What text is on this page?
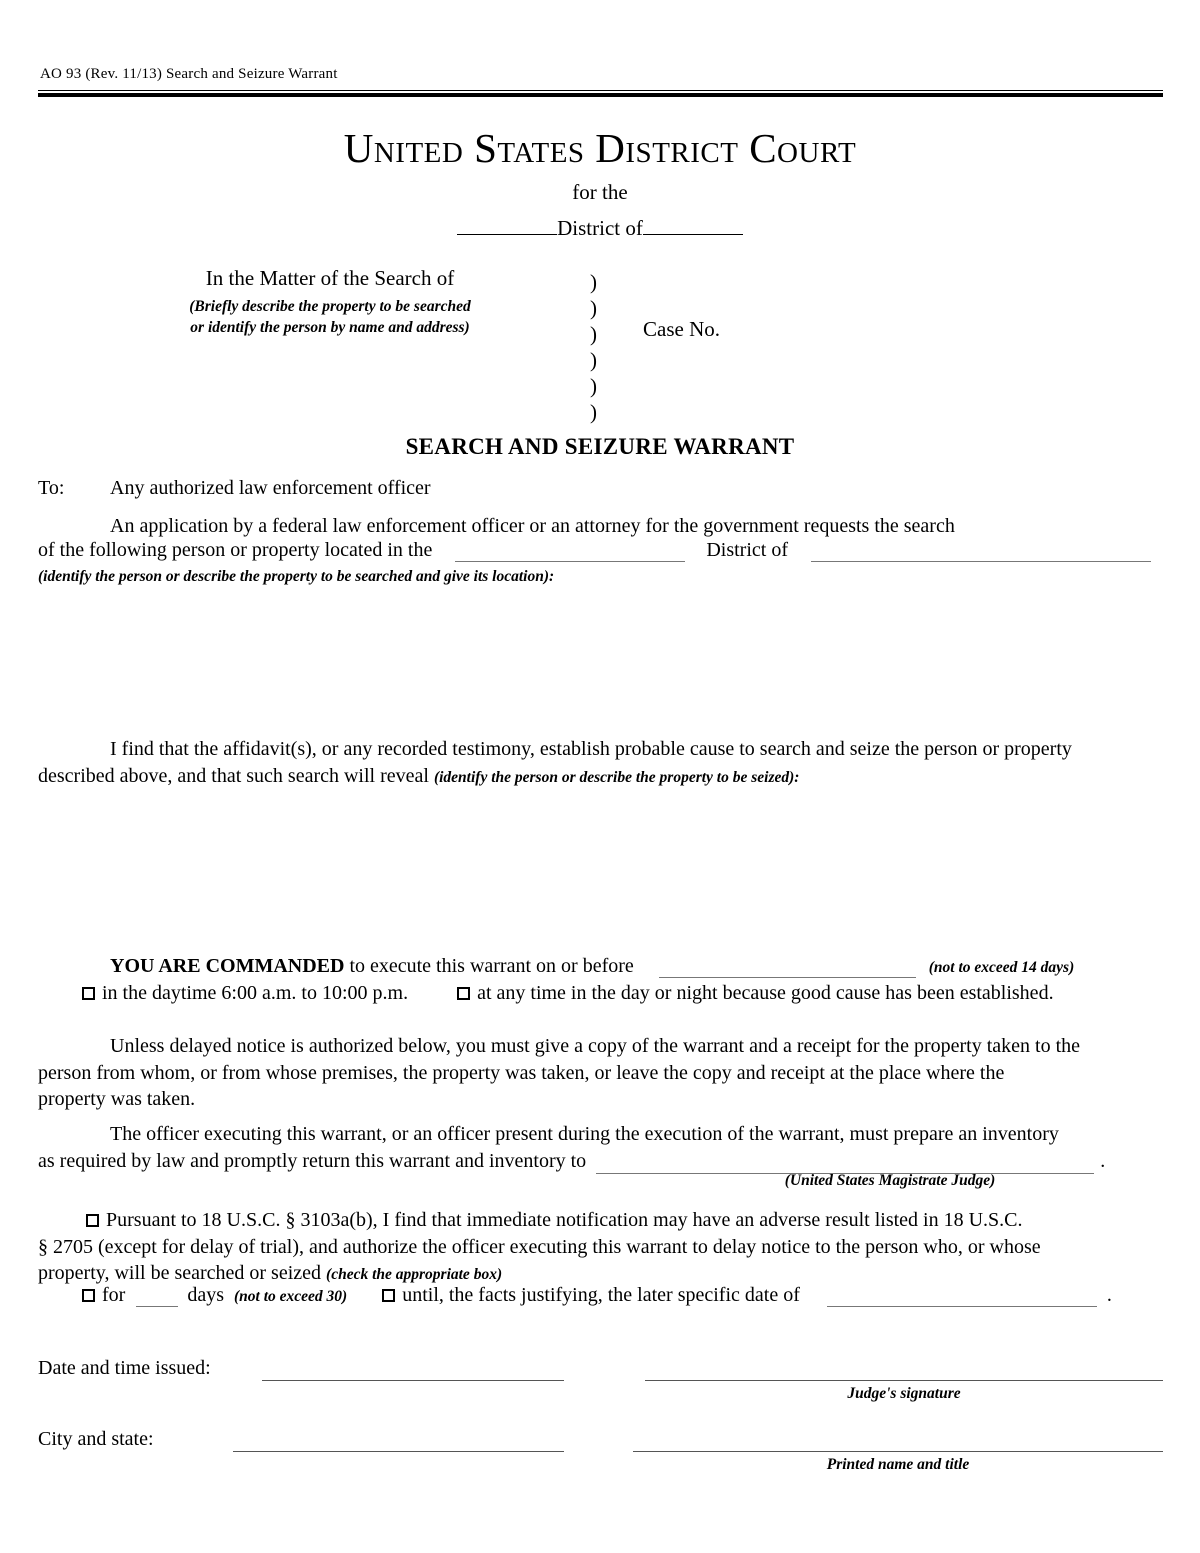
AO 93 (Rev. 11/13) Search and Seizure Warrant
United States District Court
for the
District of
In the Matter of the Search of
(Briefly describe the property to be searched
or identify the person by name and address)
)
)
)
)
)
)
Case No.
SEARCH AND SEIZURE WARRANT
To: Any authorized law enforcement officer
An application by a federal law enforcement officer or an attorney for the government requests the search
of the following person or property located in the	District of
(identify the person or describe the property to be searched and give its location):
I find that the affidavit(s), or any recorded testimony, establish probable cause to search and seize the person or property
described above, and that such search will reveal (identify the person or describe the property to be seized):
YOU ARE COMMANDED to execute this warrant on or before	(not to exceed 14 days)
in the daytime 6:00 a.m. to 10:00 p.m.	at any time in the day or night because good cause has been established.
Unless delayed notice is authorized below, you must give a copy of the warrant and a receipt for the property taken to the
person from whom, or from whose premises, the property was taken, or leave the copy and receipt at the place where the
property was taken.
The officer executing this warrant, or an officer present during the execution of the warrant, must prepare an inventory
as required by law and promptly return this warrant and inventory to	.
(United States Magistrate Judge)
Pursuant to 18 U.S.C. § 3103a(b), I find that immediate notification may have an adverse result listed in 18 U.S.C.
§ 2705 (except for delay of trial), and authorize the officer executing this warrant to delay notice to the person who, or whose
property, will be searched or seized (check the appropriate box)
for	days (not to exceed 30)	until, the facts justifying, the later specific date of	.
Date and time issued:
Judge's signature
City and state:
Printed name and title
